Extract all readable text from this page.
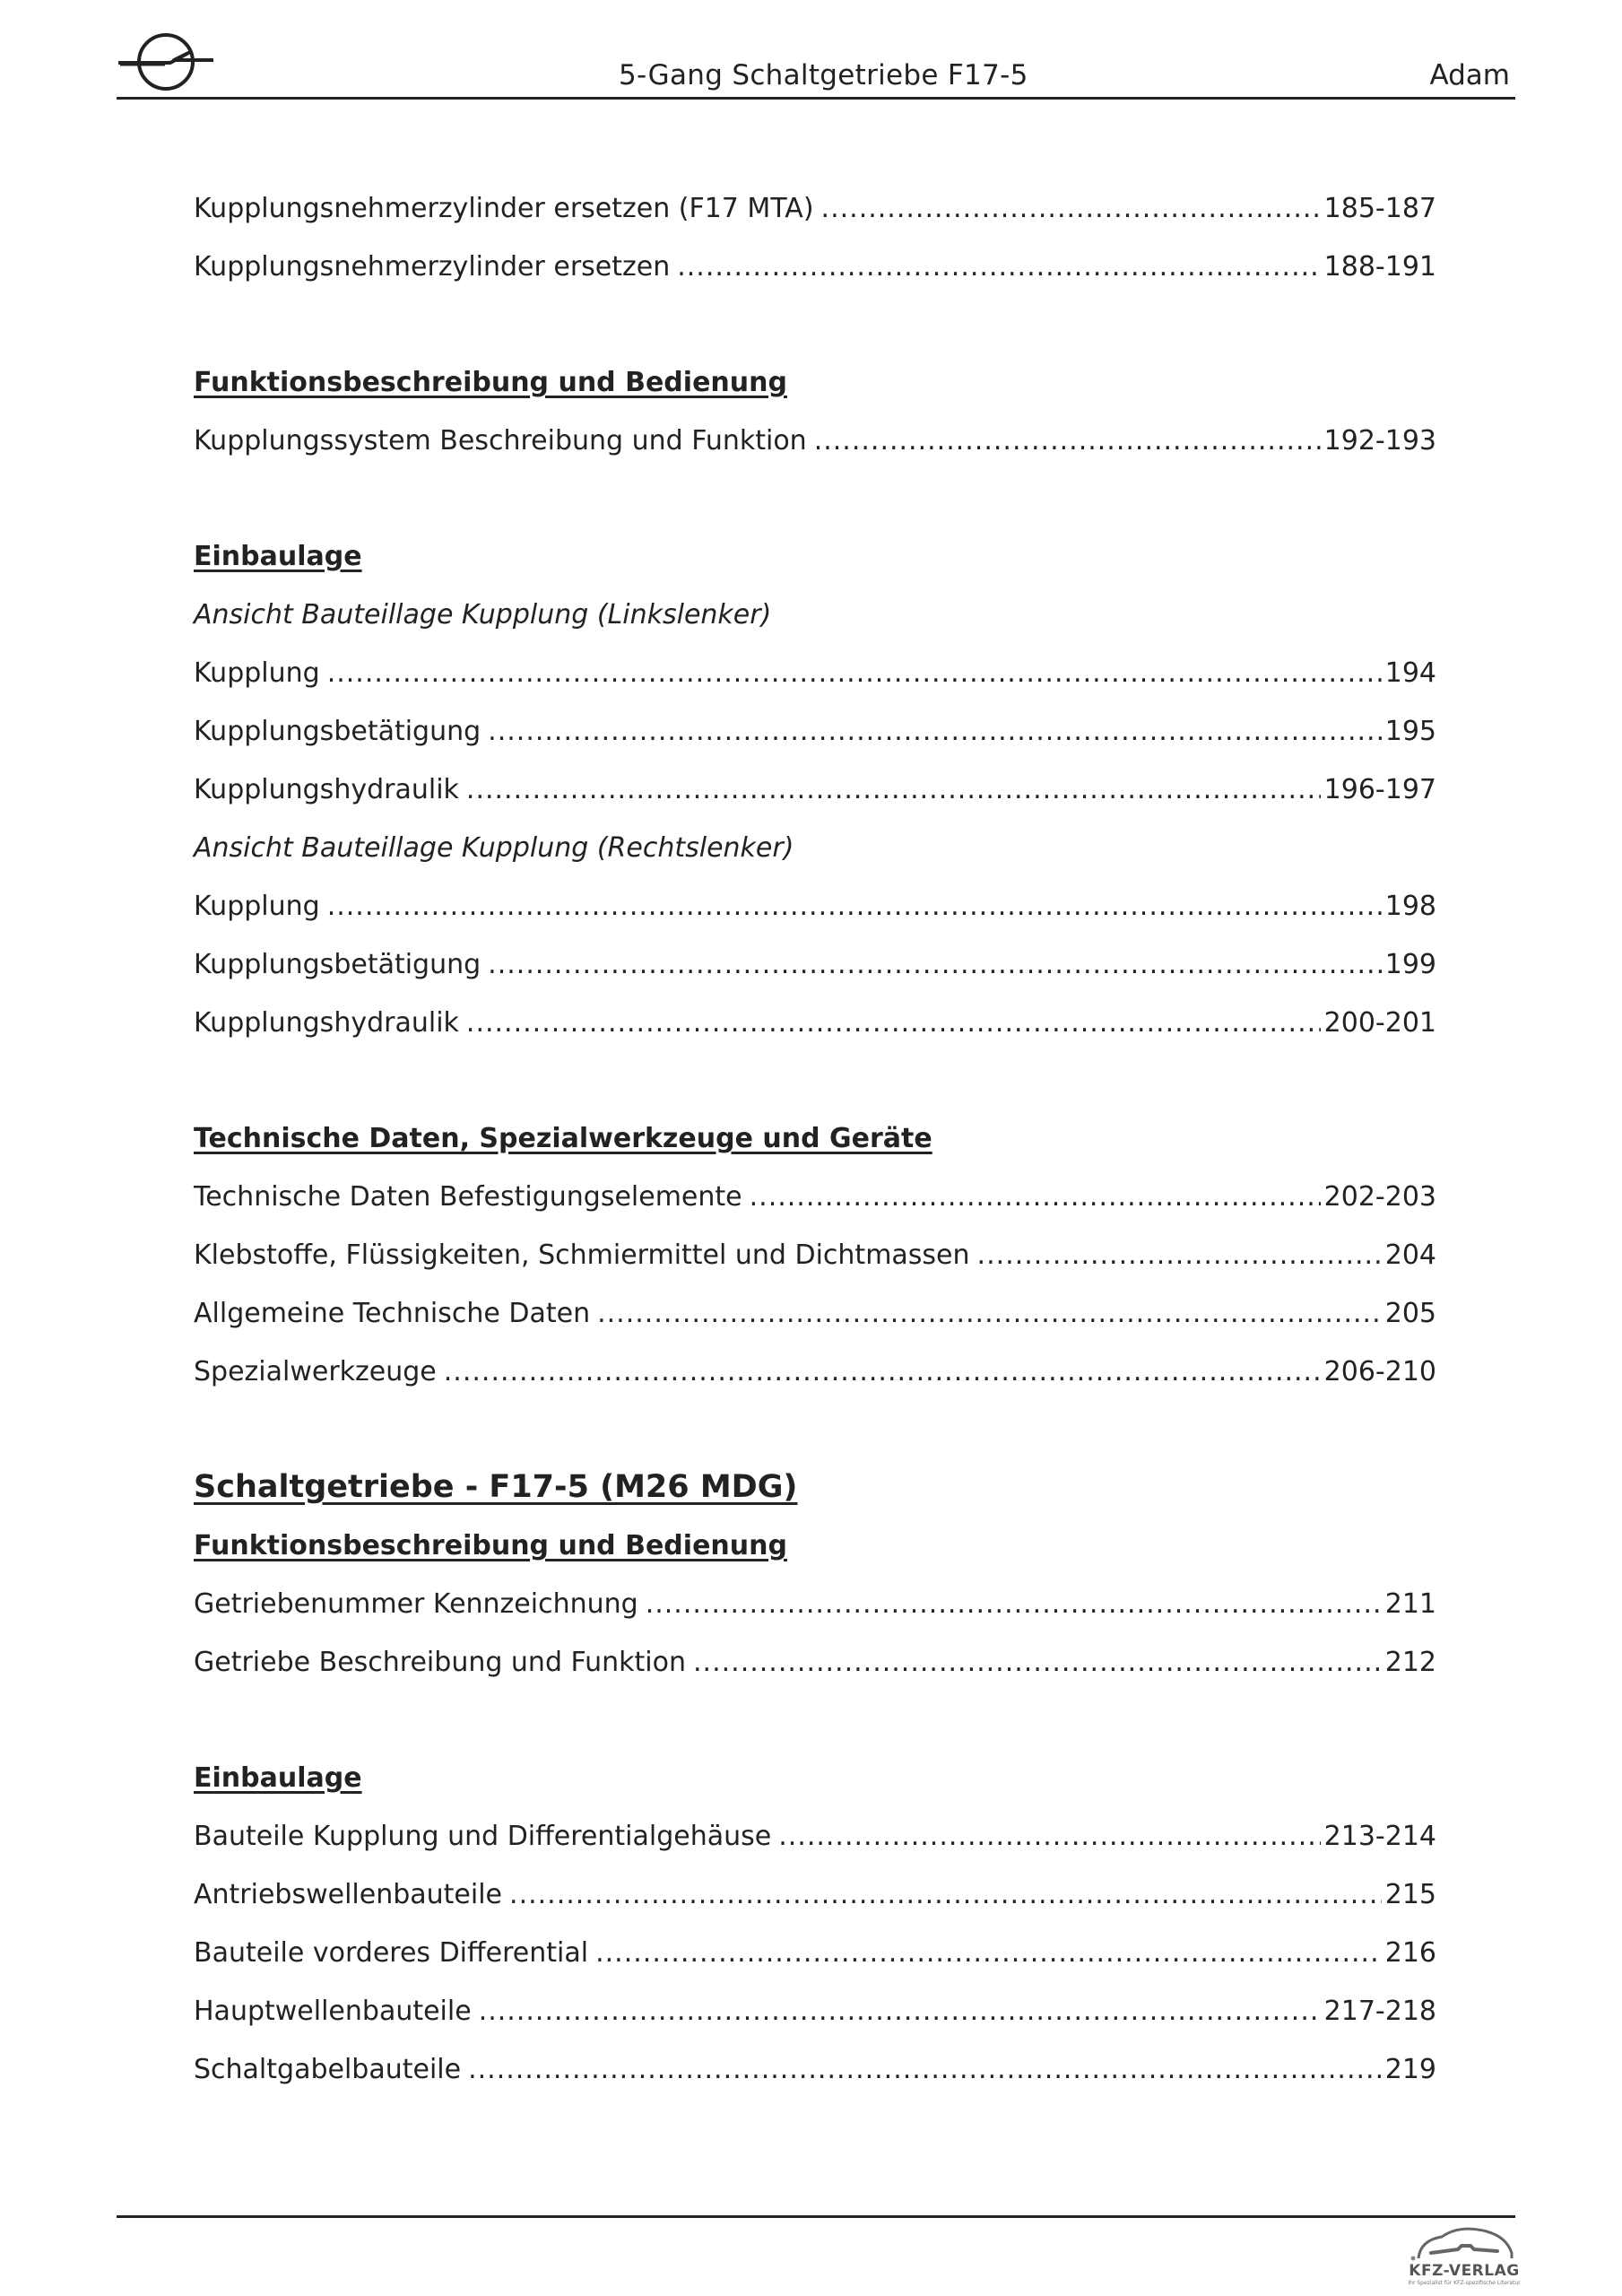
5-Gang Schaltgetriebe F17-5	Adam
Kupplungsnehmerzylinder ersetzen (F17 MTA) .....	185-187
Kupplungsnehmerzylinder ersetzen .....	188-191
Funktionsbeschreibung und Bedienung
Kupplungssystem Beschreibung und Funktion .....	192-193
Einbaulage
Ansicht Bauteillage Kupplung (Linkslenker)
Kupplung .....	194
Kupplungsbetätigung .....	195
Kupplungshydraulik .....	196-197
Ansicht Bauteillage Kupplung (Rechtslenker)
Kupplung .....	198
Kupplungsbetätigung .....	199
Kupplungshydraulik .....	200-201
Technische Daten, Spezialwerkzeuge und Geräte
Technische Daten Befestigungselemente .....	202-203
Klebstoffe, Flüssigkeiten, Schmiermittel und Dichtmassen .....	204
Allgemeine Technische Daten .....	205
Spezialwerkzeuge .....	206-210
Schaltgetriebe - F17-5 (M26 MDG)
Funktionsbeschreibung und Bedienung
Getriebenummer Kennzeichnung .....	211
Getriebe Beschreibung und Funktion .....	212
Einbaulage
Bauteile Kupplung und Differentialgehäuse .....	213-214
Antriebswellenbauteile .....	215
Bauteile vorderes Differential .....	216
Hauptwellenbauteile .....	217-218
Schaltgabelbauteile .....	219
KFZ-VERLAG
Ihr Spezialist für KFZ-spezifische Literatur
